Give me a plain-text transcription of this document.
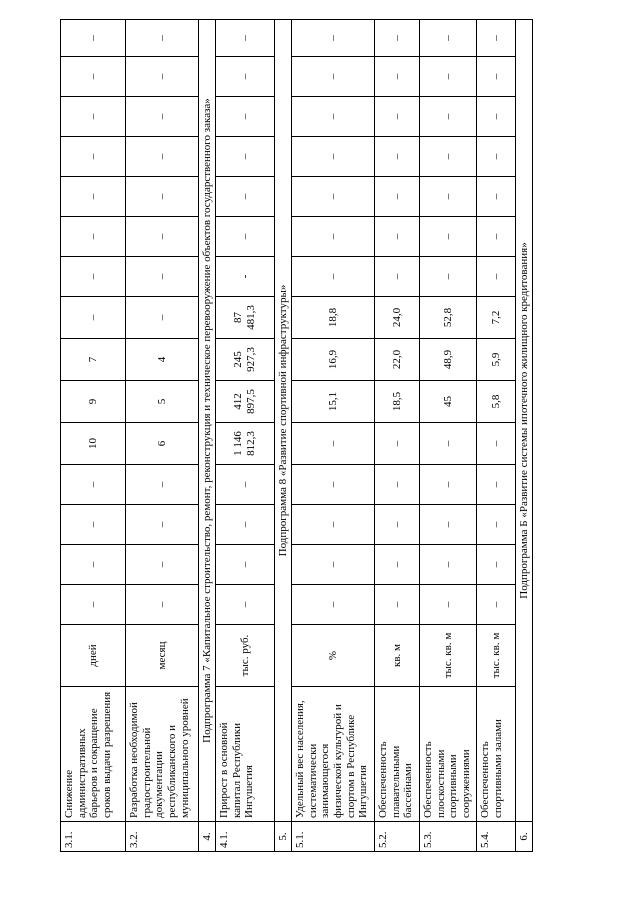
3.1.	Снижение административных барьеров и сокращение сроков выдачи разрешения	дней	–	–	–	–	10	9	7	–	–	–	–	–	–	–	–
3.2.	Разработка необходимой градостроительной документации республиканского и муниципального уровней	месяц	–	–	–	–	6	5	4	–	–	–	–	–	–	–	–
4.	Подпрограмма 7 «Капитальное строительство, ремонт, реконструкция и техническое перевооружение объектов государственного заказа»																
4.1.	Прирост в основной капитал Республики Ингушетия	тыс. руб.	–	–	–	–	1 146 812,3	412 897,5	245 927,3	87 481,3	-	–	–	–	–	–	–
5.	Подпрограмма 8 «Развитие спортивной инфраструктуры»																
5.1.	Удельный вес населения, систематически занимающегося физической культурой и спортом в Республике Ингушетия	%	–	–	–	–	–	15,1	16,9	18,8	–	–	–	–	–	–	–
5.2.	Обеспеченность плавательными бассейнами	кв. м	–	–	–	–	–	18,5	22,0	24,0	–	–	–	–	–	–	–
5.3.	Обеспеченность плоскостными спортивными сооружениями	тыс. кв. м	–	–	–	–	–	45	48,9	52,8	–	–	–	–	–	–	–
5.4.	Обеспеченность спортивными залами	тыс. кв. м	–	–	–	–	–	5,8	5,9	7,2	–	–	–	–	–	–	–
6.	Подпрограмма Б «Развитие системы ипотечного жилищного кредитования»																
